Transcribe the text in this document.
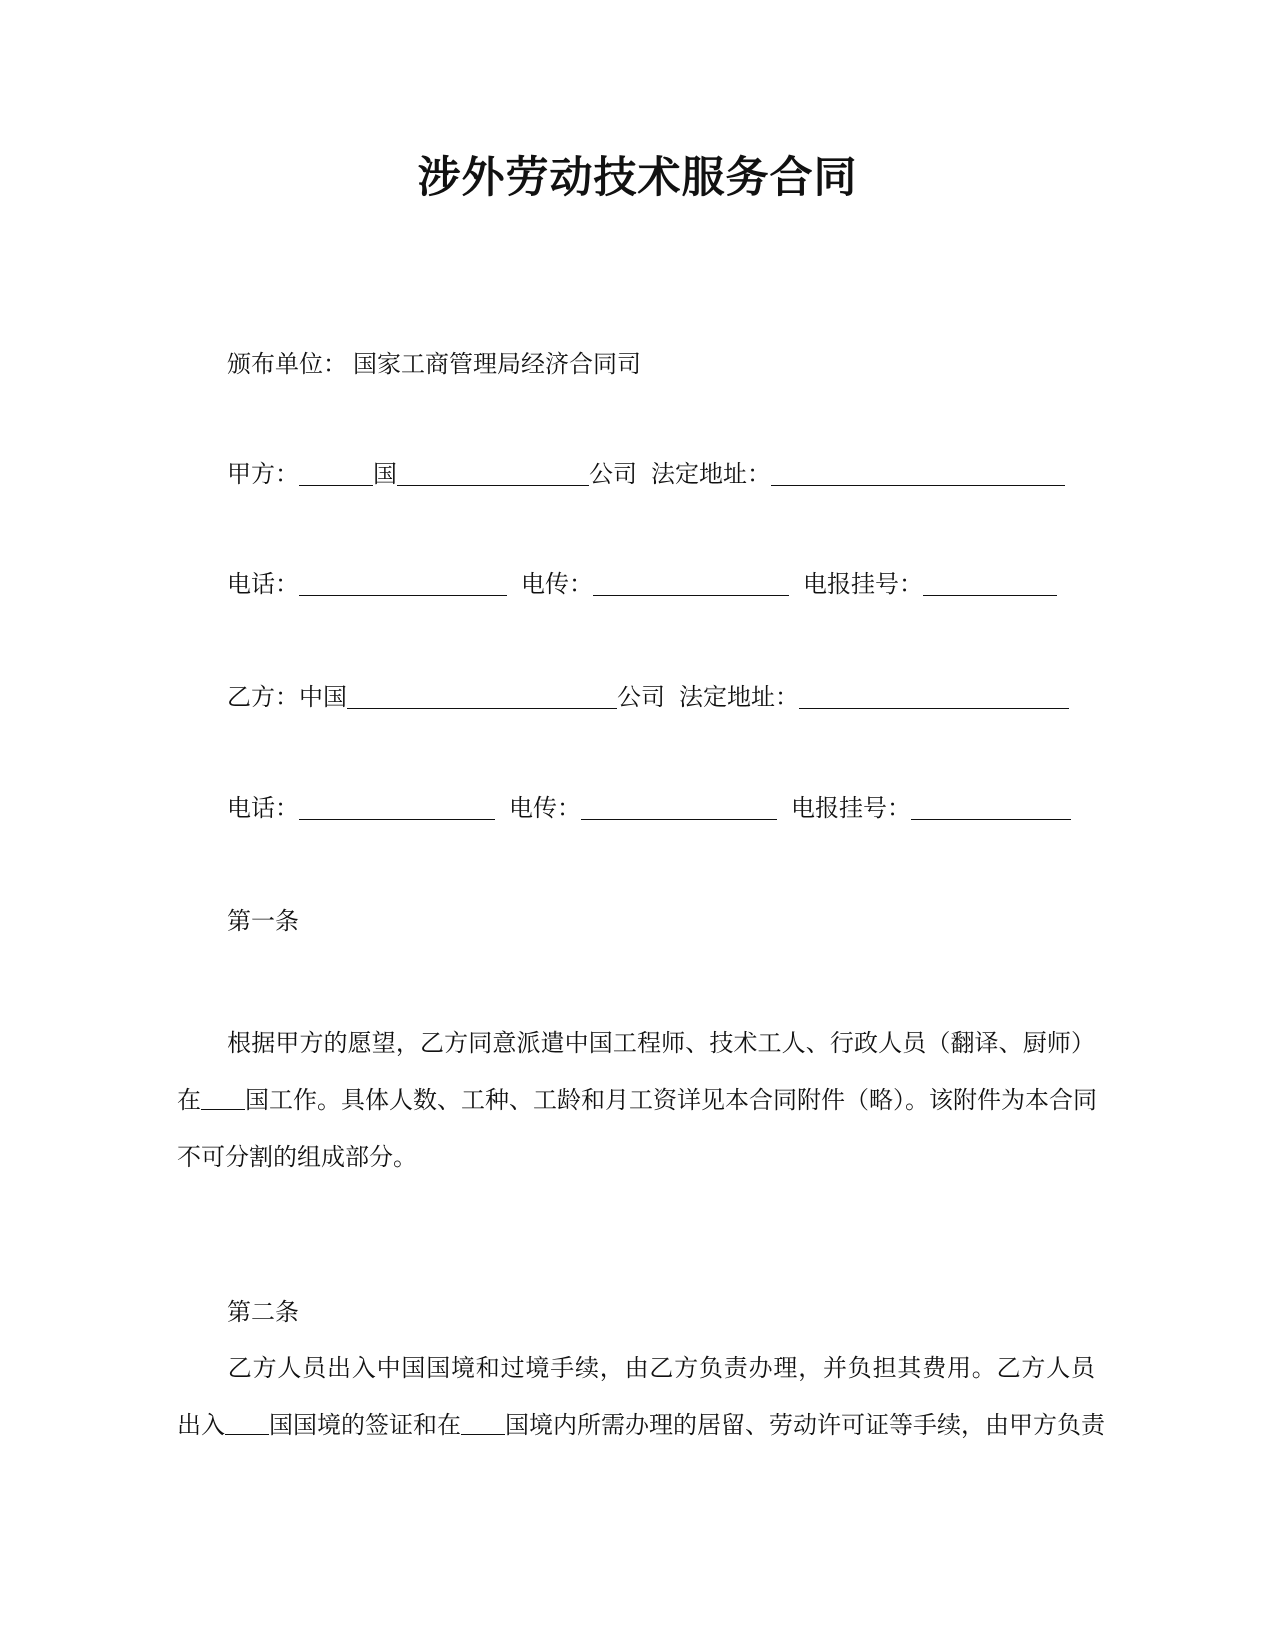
涉外劳动技术服务合同
颁布单位： 国家工商管理局经济合同司
甲方：	国	公司 法定地址：
电话：	电传：	电报挂号：
乙方：中国	公司 法定地址：
电话：	电传：	电报挂号：
第一条
根据甲方的愿望，乙方同意派遣中国工程师、技术工人、行政人员（翻译、厨师）
在 国工作。具体人数、工种、工龄和月工资详见本合同附件（略）。该附件为本合同
不可分割的组成部分。
第二条
乙方人员出入中国国境和过境手续，由乙方负责办理，并负担其费用。乙方人员
出入 国国境的签证和在 国境内所需办理的居留、劳动许可证等手续，由甲方负责
